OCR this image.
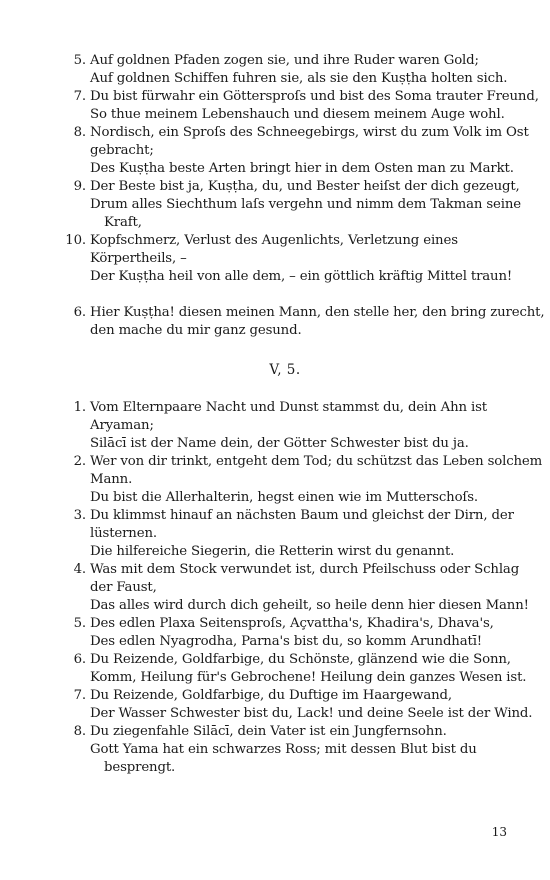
5. Auf goldnen Pfaden zogen sie, und ihre Ruder waren Gold;
Auf goldnen Schiffen fuhren sie, als sie den Kuṣṭha holten sich.
7. Du bist fürwahr ein Göttersproſs und bist des Soma trauter Freund,
So thue meinem Lebenshauch und diesem meinem Auge wohl.
8. Nordisch, ein Sproſs des Schneegebirgs, wirst du zum Volk im Ost
gebracht;
Des Kuṣṭha beste Arten bringt hier in dem Osten man zu Markt.
9. Der Beste bist ja, Kuṣṭha, du, und Bester heiſst der dich gezeugt,
Drum alles Siechthum laſs vergehn und nimm dem Takman seine
Kraft,
10. Kopfschmerz, Verlust des Augenlichts, Verletzung eines
Körpertheils, –
Der Kuṣṭha heil von alle dem, – ein göttlich kräftig Mittel traun!
6. Hier Kuṣṭha! diesen meinen Mann, den stelle her, den bring zurecht,
den mache du mir ganz gesund.
V, 5.
1. Vom Elternpaare Nacht und Dunst stammst du, dein Ahn ist
Aryaman;
Silācī ist der Name dein, der Götter Schwester bist du ja.
2. Wer von dir trinkt, entgeht dem Tod; du schützst das Leben solchem
Mann.
Du bist die Allerhalterin, hegst einen wie im Mutterschoſs.
3. Du klimmst hinauf an nächsten Baum und gleichst der Dirn, der
lüsternen.
Die hilfereiche Siegerin, die Retterin wirst du genannt.
4. Was mit dem Stock verwundet ist, durch Pfeilschuss oder Schlag
der Faust,
Das alles wird durch dich geheilt, so heile denn hier diesen Mann!
5. Des edlen Plaxa Seitensproſs, Açvattha's, Khadira's, Dhava's,
Des edlen Nyagrodha, Parna's bist du, so komm Arundhatī!
6. Du Reizende, Goldfarbige, du Schönste, glänzend wie die Sonn,
Komm, Heilung für's Gebrochene! Heilung dein ganzes Wesen ist.
7. Du Reizende, Goldfarbige, du Duftige im Haargewand,
Der Wasser Schwester bist du, Lack! und deine Seele ist der Wind.
8. Du ziegenfahle Silācī, dein Vater ist ein Jungfernsohn.
Gott Yama hat ein schwarzes Ross; mit dessen Blut bist du
besprengt.
13
